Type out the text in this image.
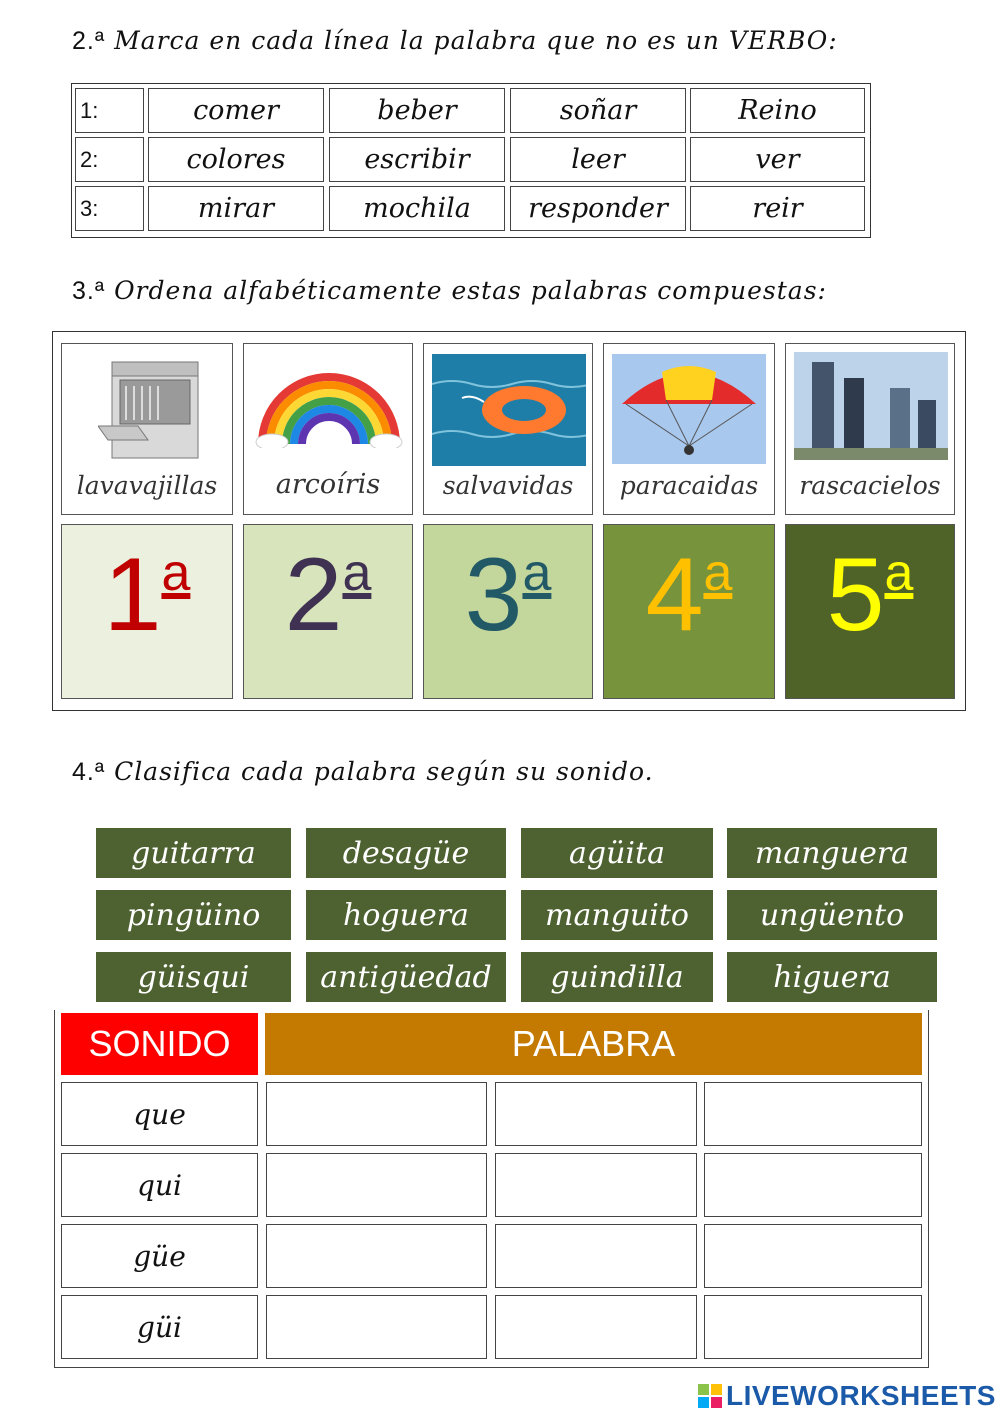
2.ª Marca en cada línea la palabra que no es un VERBO:
1:	comer	beber	soñar	Reino
2:	colores	escribir	leer	ver
3:	mirar	mochila	responder	reir
3.ª Ordena alfabéticamente estas palabras compuestas:
lavavajillas	arcoíris	salvavidas	paracaidas	rascacielos
1$^a$ 2$^a$ 3$^a$ 4$^a$ 5$^a$
4.ª Clasifica cada palabra según su sonido.
guitarra	desagüe	agüita	manguera
pingüino	hoguera	manguito	ungüento
güisqui	antigüedad	guindilla	higuera
SONIDO	PALABRA
que
qui
güe
güi
LIVEWORKSHEETS
